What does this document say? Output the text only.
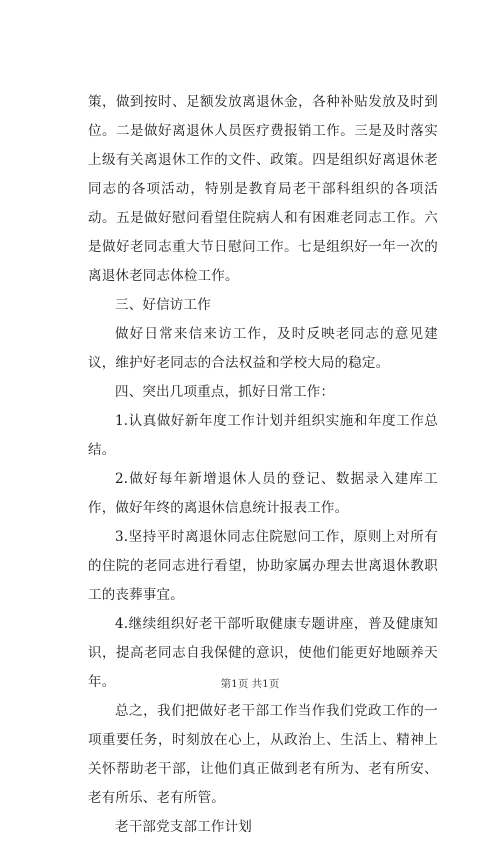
策，做到按时、足额发放离退休金，各种补贴发放及时到位。二是做好离退休人员医疗费报销工作。三是及时落实上级有关离退休工作的文件、政策。四是组织好离退休老同志的各项活动，特别是教育局老干部科组织的各项活动。五是做好慰问看望住院病人和有困难老同志工作。六是做好老同志重大节日慰问工作。七是组织好一年一次的离退休老同志体检工作。

三、好信访工作

做好日常来信来访工作，及时反映老同志的意见建议，维护好老同志的合法权益和学校大局的稳定。

四、突出几项重点，抓好日常工作：

1.认真做好新年度工作计划并组织实施和年度工作总结。

2.做好每年新增退休人员的登记、数据录入建库工作，做好年终的离退休信息统计报表工作。

3.坚持平时离退休同志住院慰问工作，原则上对所有的住院的老同志进行看望，协助家属办理去世离退休教职工的丧葬事宜。

4.继续组织好老干部听取健康专题讲座，普及健康知识，提高老同志自我保健的意识，使他们能更好地颐养天年。

总之，我们把做好老干部工作当作我们党政工作的一项重要任务，时刻放在心上，从政治上、生活上、精神上关怀帮助老干部，让他们真正做到老有所为、老有所安、老有所乐、老有所管。

老干部党支部工作计划

第1页 共1页
